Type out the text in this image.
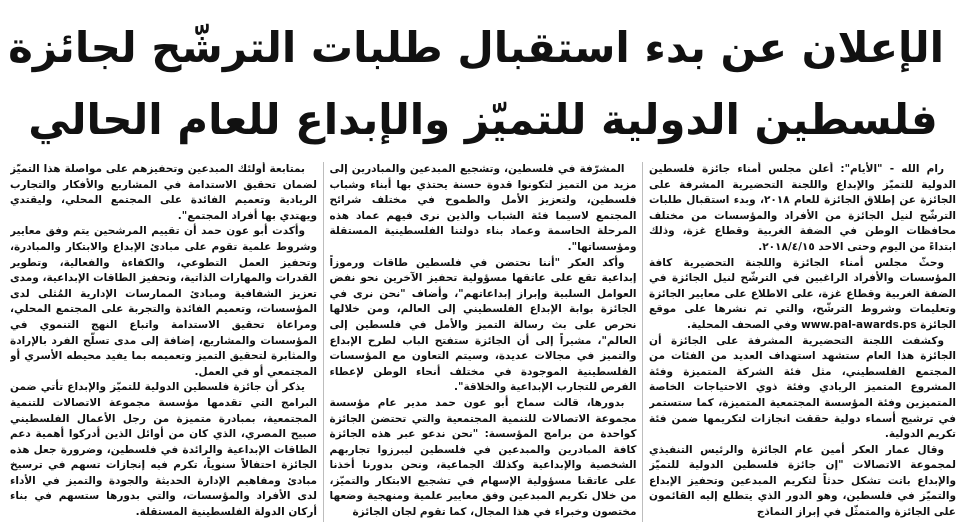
الإعلان عن بدء استقبال طلبات الترشّح لجائزة
فلسطين الدولية للتميّز والإبداع للعام الحالي

رام الله - "الأيام": أعلن مجلس أمناء جائزة فلسطين الدولية للتميّز والإبداع واللجنة التحضيرية المشرفة على الجائزة عن إطلاق الجائزة للعام ٢٠١٨، وبدء استقبال طلبات الترشّح لنيل الجائزة من الأفراد والمؤسسات من مختلف محافظات الوطن في الضفة الغربية وقطاع غزة، وذلك ابتداءً من اليوم وحتى الاحد ٢٠١٨/٤/١٥.

وحثّ مجلس أمناء الجائزة واللجنة التحضيرية كافة المؤسسات والأفراد الراغبين في الترشّح لنيل الجائزة في الضفة الغربية وقطاع غزة، على الاطلاع على معايير الجائزة وتعليمات وشروط الترشّح، والتي تم نشرها على موقع الجائزة www.pal-awards.ps وفي الصحف المحلية.

وكشفت اللجنة التحضيرية المشرفة على الجائزة أن الجائزة هذا العام ستشهد استهداف العديد من الفئات من المجتمع الفلسطيني، مثل فئة الشركة المتميزة وفئة المشروع المتميز الريادي وفئة ذوي الاحتياجات الخاصة المتميزين وفئة المؤسسة المجتمعية المتميزة، كما ستستمر في ترشيح أسماء دولية حققت انجازات لتكريمها ضمن فئة تكريم الدولية.

وقال عمار العكر أمين عام الجائزة والرئيس التنفيذي لمجموعة الاتصالات "إن جائزة فلسطين الدولية للتميّز والإبداع باتت تشكل حدثاً لتكريم المبدعين وتحفيز الإبداع والتميّز في فلسطين، وهو الدور الذي يتطلع إليه القائمون على الجائزة والمتمثّل في إبراز النماذج

المشرّفة في فلسطين، وتشجيع المبدعين والمبادرين إلى مزيد من التميز لتكونوا قدوة حسنة يحتذي بها أبناء وشباب فلسطين، ولتعزيز الأمل والطموح في مختلف شرائح المجتمع لاسيما فئة الشباب والذين نرى فيهم عماد هذه المرحلة الحاسمة وعماد بناء دولتنا الفلسطينية المستقلة ومؤسساتها".

وأكد العكر "أننا نحتضن في فلسطين طاقات ورموزاً إبداعية تقع على عاتقها مسؤولية تحفيز الآخرين نحو نفض العوامل السلبية وإبراز إبداعاتهم"، وأضاف "نحن نرى في الجائزة بوابة الإبداع الفلسطيني إلى العالم، ومن خلالها نحرص على بث رسالة التميز والأمل في فلسطين إلى العالم"، مشيراً إلى أن الجائزة ستفتح الباب لطرح الإبداع والتميز في مجالات عديدة، وسيتم التعاون مع المؤسسات الفلسطينية الموجودة في مختلف أنحاء الوطن لإعطاء الفرص للتجارب الإبداعية والخلاقة".

بدورها، قالت سماح أبو عون حمد مدير عام مؤسسة مجموعة الاتصالات للتنمية المجتمعية والتي تحتضن الجائزة كواحدة من برامج المؤسسة: "نحن ندعو عبر هذه الجائزة كافة المبادرين والمبدعين في فلسطين ليبرزوا تجاربهم الشخصية والإبداعية وكذلك الجماعية، ونحن بدورنا أخذنا على عاتقنا مسؤولية الإسهام في تشجيع الابتكار والتميّز، من خلال تكريم المبدعين وفق معايير علمية ومنهجية وضعها مختصون وخبراء في هذا المجال، كما تقوم لجان الجائزة

بمتابعة أولئك المبدعين وتحفيزهم على مواصلة هذا التميّز لضمان تحقيق الاستدامة في المشاريع والأفكار والتجارب الريادية وتعميم الفائدة على المجتمع المحلي، وليقتدي ويهتدي بها أفراد المجتمع".

وأكدت أبو عون حمد أن تقييم المرشحين يتم وفق معايير وشروط علمية تقوم على مبادئ الإبداع والابتكار والمبادرة، وتحفيز العمل التطوعي، والكفاءة والفعالية، وتطوير القدرات والمهارات الذاتية، وتحفيز الطاقات الإبداعية، ومدى تعزيز الشفافية ومبادئ الممارسات الإدارية المُثلى لدى المؤسسات، وتعميم الفائدة والتجربة على المجتمع المحلي، ومراعاة تحقيق الاستدامة واتباع النهج التنموي في المؤسسات والمشاريع، إضافة إلى مدى تسلّح الفرد بالإرادة والمثابرة لتحقيق التميز وتعميمه بما يفيد محيطه الأسري أو المجتمعي أو في العمل.

يذكر أن جائزة فلسطين الدولية للتميّز والإبداع تأتي ضمن البرامج التي تقدمها مؤسسة مجموعة الاتصالات للتنمية المجتمعية، بمبادرة متميزة من رجل الأعمال الفلسطيني صبيح المصري، الذي كان من أوائل الذين أدركوا أهمية دعم الطاقات الإبداعية والرائدة في فلسطين، وضرورة جعل هذه الجائزة احتفالاً سنوياً، تكرم فيه إنجازات تسهم في ترسيخ مبادئ ومفاهيم الإدارة الحديثة والجودة والتميز في الأداء لدى الأفراد والمؤسسات، والتي بدورها ستسهم في بناء أركان الدولة الفلسطينية المستقلة.
